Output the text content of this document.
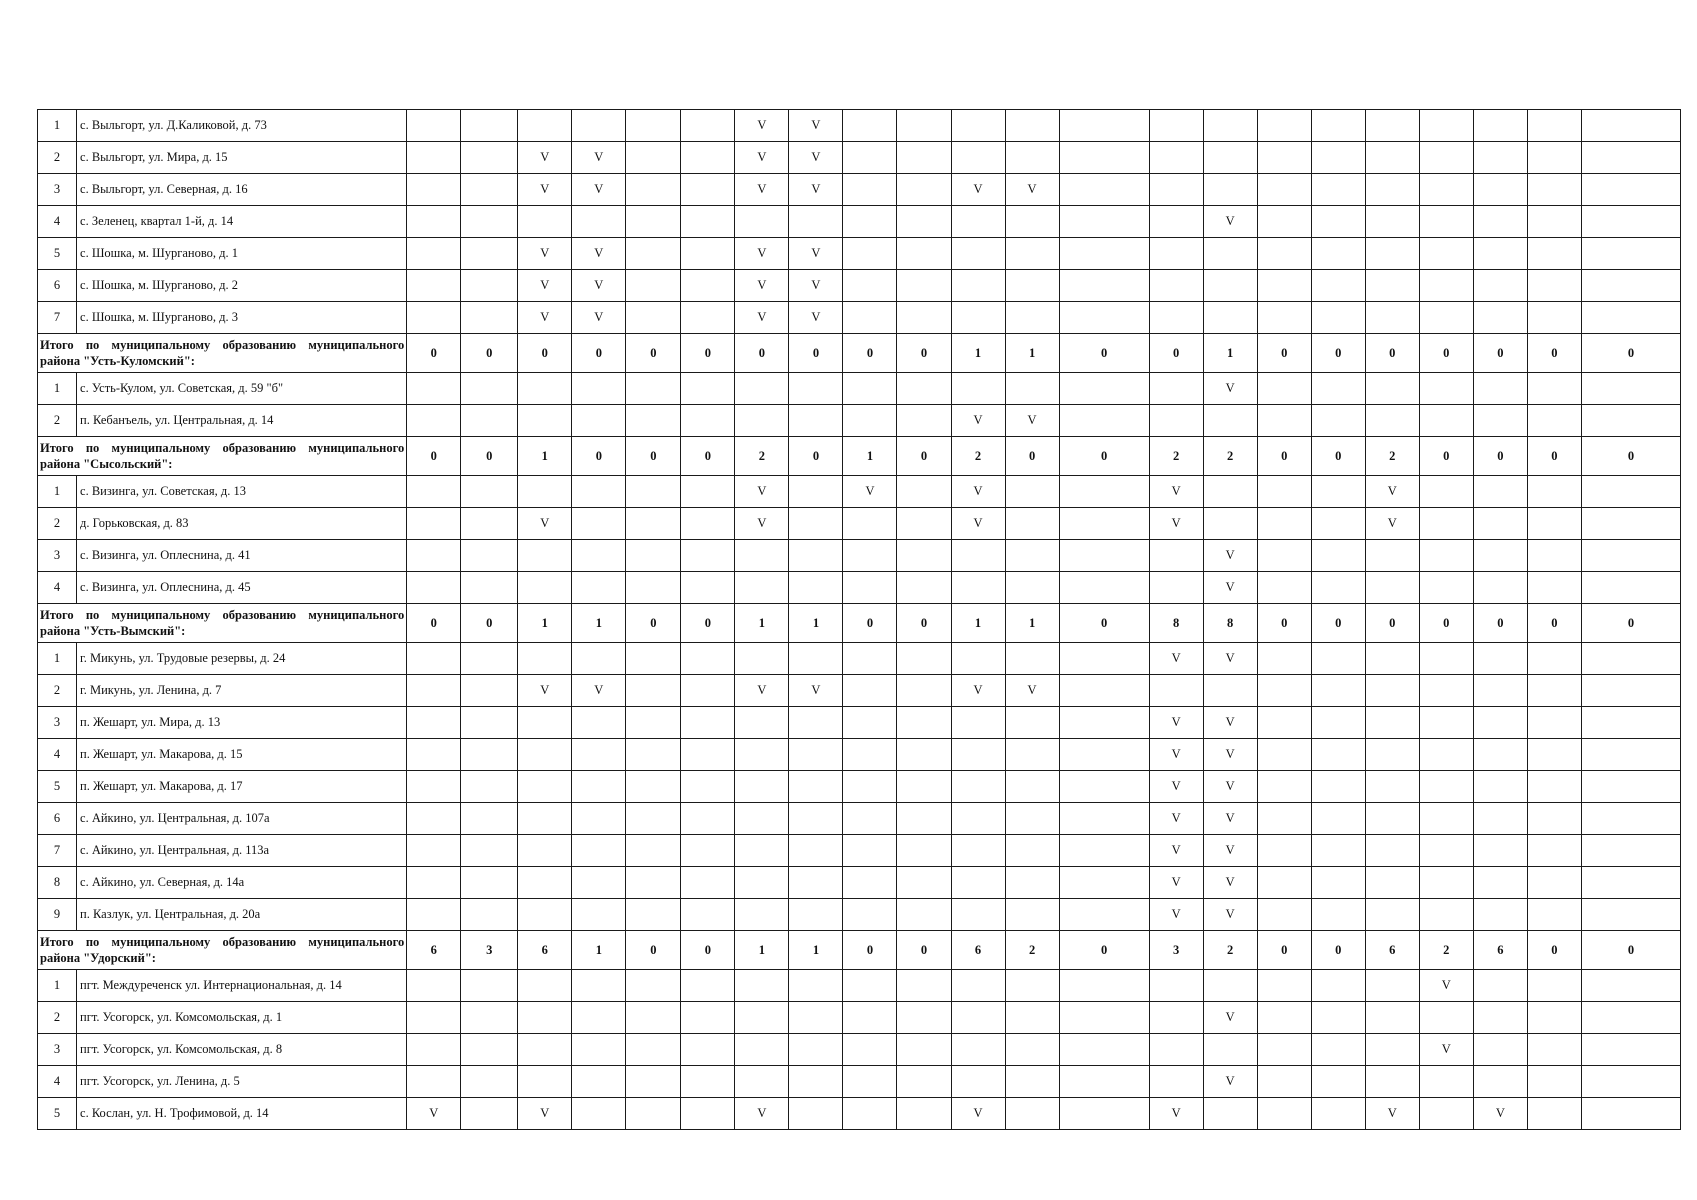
1	с. Выльгорт, ул. Д.Каликовой, д. 73							V	V														
2	с. Выльгорт, ул. Мира, д. 15			V	V			V	V														
3	с. Выльгорт, ул. Северная, д. 16			V	V			V	V			V	V										
4	с. Зеленец, квартал 1-й, д. 14															V							
5	с. Шошка, м. Шурганово, д. 1			V	V			V	V														
6	с. Шошка, м. Шурганово, д. 2			V	V			V	V														
7	с. Шошка, м. Шурганово, д. 3			V	V			V	V														
Итого по муниципальному образованию муниципального района "Усть-Куломский":		0	0	0	0	0	0	0	0	0	0	1	1	0	0	1	0	0	0	0	0	0	0
1	с. Усть-Кулом, ул. Советская, д. 59 "б"															V							
2	п. Кебанъель, ул. Центральная, д. 14											V	V										
Итого по муниципальному образованию муниципального района "Сысольский":		0	0	1	0	0	0	2	0	1	0	2	0	0	2	2	0	0	2	0	0	0	0
1	с. Визинга, ул. Советская, д. 13							V		V		V			V				V				
2	д. Горьковская, д. 83			V				V				V			V				V				
3	с. Визинга, ул. Оплеснина, д. 41															V							
4	с. Визинга, ул. Оплеснина, д. 45															V							
Итого по муниципальному образованию муниципального района "Усть-Вымский":		0	0	1	1	0	0	1	1	0	0	1	1	0	8	8	0	0	0	0	0	0	0
1	г. Микунь, ул. Трудовые резервы, д. 24														V	V							
2	г. Микунь, ул. Ленина, д. 7			V	V			V	V			V	V										
3	п. Жешарт, ул. Мира, д. 13														V	V							
4	п. Жешарт, ул. Макарова, д. 15														V	V							
5	п. Жешарт, ул. Макарова, д. 17														V	V							
6	с. Айкино, ул. Центральная, д. 107а														V	V							
7	с. Айкино, ул. Центральная, д. 113а														V	V							
8	с. Айкино, ул. Северная, д. 14а														V	V							
9	п. Казлук, ул. Центральная, д. 20а														V	V							
Итого по муниципальному образованию муниципального района "Удорский":		6	3	6	1	0	0	1	1	0	0	6	2	0	3	2	0	0	6	2	6	0	0
1	пгт. Междуреченск ул. Интернациональная, д. 14																			V			
2	пгт. Усогорск, ул. Комсомольская, д. 1															V							
3	пгт. Усогорск, ул. Комсомольская, д. 8																			V			
4	пгт. Усогорск, ул. Ленина, д. 5															V							
5	с. Кослан, ул. Н. Трофимовой, д. 14	V		V				V				V			V				V		V		
